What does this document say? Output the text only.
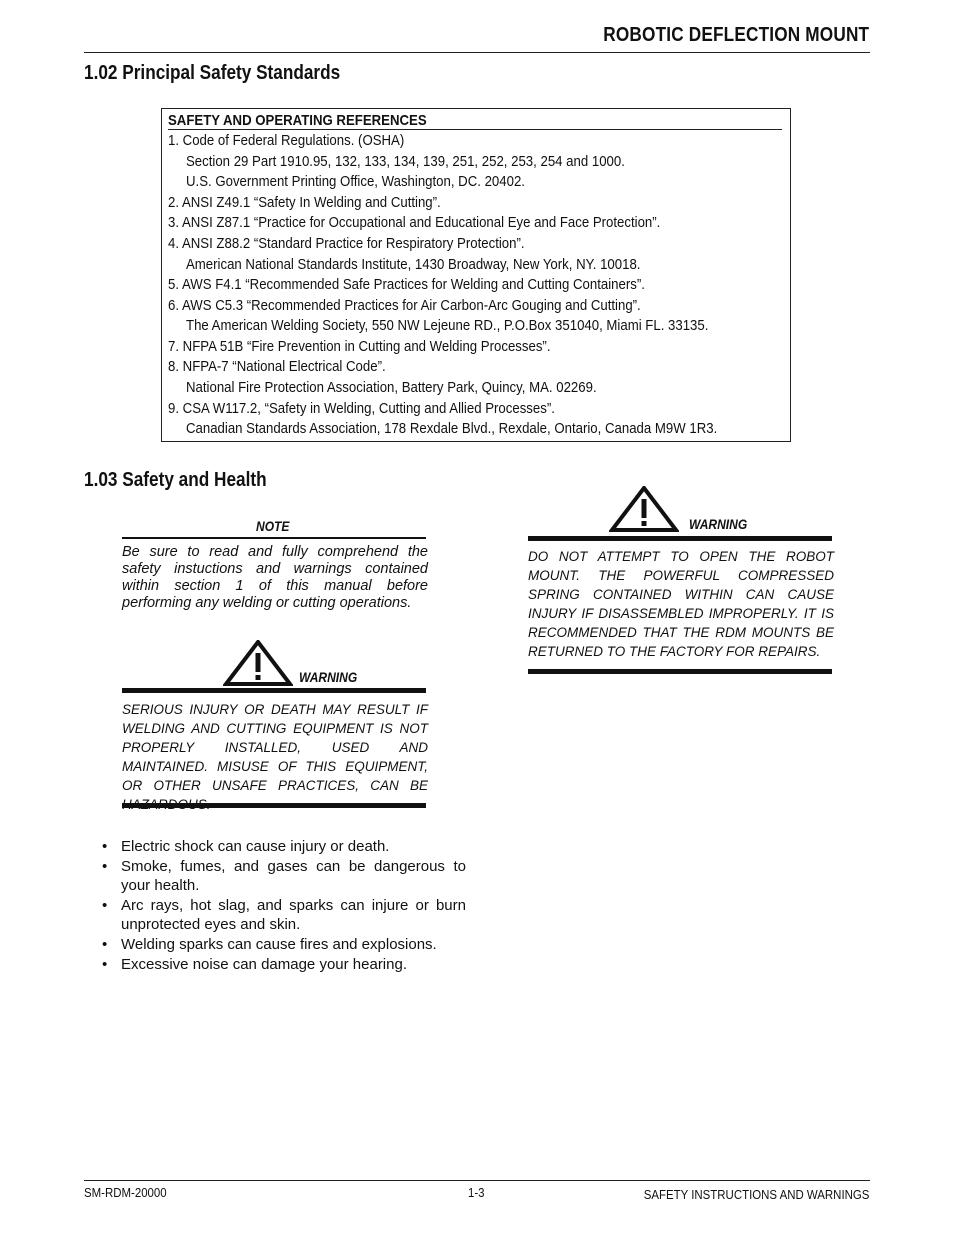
ROBOTIC DEFLECTION MOUNT
1.02 Principal Safety Standards
SAFETY AND OPERATING REFERENCES
1. Code of Federal Regulations. (OSHA)
Section 29 Part 1910.95, 132, 133, 134, 139, 251, 252, 253, 254 and 1000.
U.S. Government Printing Office, Washington, DC. 20402.
2. ANSI Z49.1 “Safety In Welding and Cutting”.
3. ANSI Z87.1 “Practice for Occupational and Educational Eye and Face Protection”.
4. ANSI Z88.2 “Standard Practice for Respiratory Protection”.
American National Standards Institute, 1430 Broadway, New York, NY. 10018.
5. AWS F4.1 “Recommended Safe Practices for Welding and Cutting Containers”.
6. AWS C5.3 “Recommended Practices for Air Carbon-Arc Gouging and Cutting”.
The American Welding Society, 550 NW Lejeune RD., P.O.Box 351040, Miami FL. 33135.
7. NFPA 51B “Fire Prevention in Cutting and Welding Processes”.
8. NFPA-7 “National Electrical Code”.
National Fire Protection Association, Battery Park, Quincy, MA. 02269.
9. CSA W117.2, “Safety in Welding, Cutting and Allied Processes”.
Canadian Standards Association, 178 Rexdale Blvd., Rexdale, Ontario, Canada M9W 1R3.
1.03 Safety and Health
NOTE
Be sure to read and fully comprehend the safety instuctions and warnings contained within section 1 of this manual before performing any welding or cutting operations.
WARNING
SERIOUS INJURY OR DEATH MAY RESULT IF WELDING AND CUTTING EQUIPMENT IS NOT PROPERLY INSTALLED, USED AND MAINTAINED. MISUSE OF THIS EQUIPMENT, OR OTHER UNSAFE PRACTICES, CAN BE
WARNING
DO NOT ATTEMPT TO OPEN THE ROBOT MOUNT. THE POWERFUL COMPRESSED SPRING CONTAINED WITHIN CAN CAUSE INJURY IF DISASSEMBLED IMPROPERLY. IT IS RECOMMENDED THAT THE RDM MOUNTS BE RETURNED TO THE FACTORY FOR REPAIRS.
• Electric shock can cause injury or death.
• Smoke, fumes, and gases can be dangerous to your health.
• Arc rays, hot slag, and sparks can injure or burn unprotected eyes and skin.
• Welding sparks can cause fires and explosions.
• Excessive noise can damage your hearing.
SM-RDM-20000	1-3	SAFETY INSTRUCTIONS AND WARNINGS
